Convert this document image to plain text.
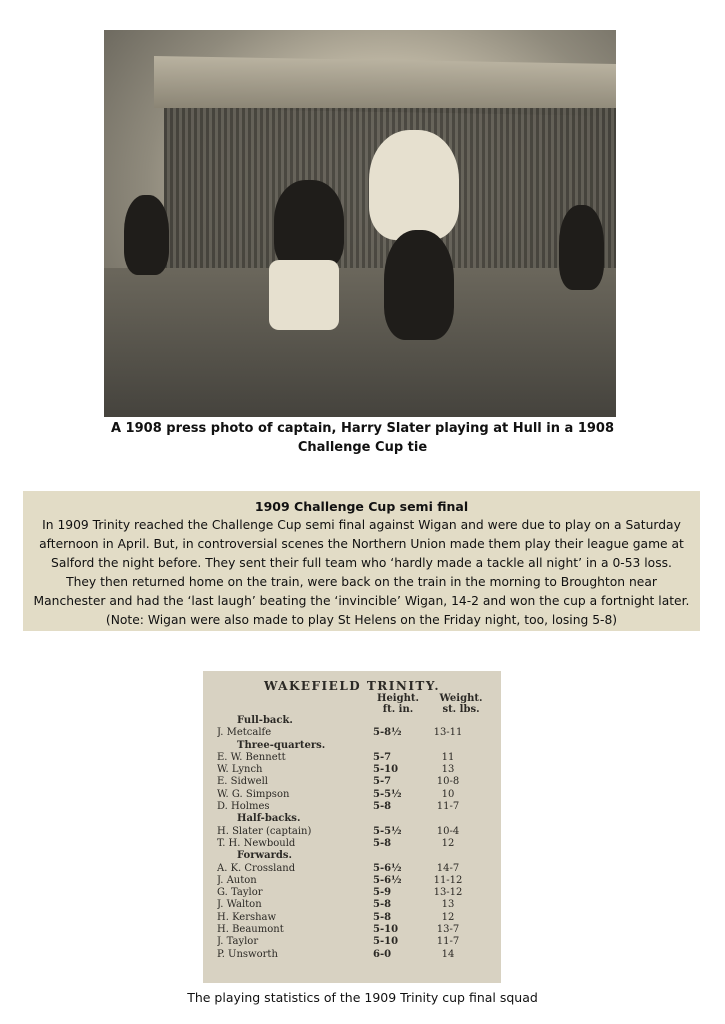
A 1908 press photo of captain, Harry Slater playing at Hull in a 1908
Challenge Cup tie
1909 Challenge Cup semi final
In 1909 Trinity reached the Challenge Cup semi final against Wigan and were due to play on a Saturday
afternoon in April. But, in controversial scenes the Northern Union made them play their league game at
Salford the night before. They sent their full team who ‘hardly made a tackle all night’ in a 0-53 loss.
They then returned home on the train, were back on the train in the morning to Broughton near
Manchester and had the ‘last laugh’ beating the ‘invincible’ Wigan, 14-2 and won the cup a fortnight later.
(Note: Wigan were also made to play St Helens on the Friday night, too, losing 5-8)
WAKEFIELD TRINITY.
Height.
ft. in.
Weight.
st. lbs.
Full-back.
J. Metcalfe	5-8½	13-11
Three-quarters.
E. W. Bennett	5-7	11
W. Lynch	5-10	13
E. Sidwell	5-7	10-8
W. G. Simpson	5-5½	10
D. Holmes	5-8	11-7
Half-backs.
H. Slater (captain)	5-5½	10-4
T. H. Newbould	5-8	12
Forwards.
A. K. Crossland	5-6½	14-7
J. Auton	5-6½	11-12
G. Taylor	5-9	13-12
J. Walton	5-8	13
H. Kershaw	5-8	12
H. Beaumont	5-10	13-7
J. Taylor	5-10	11-7
P. Unsworth	6-0	14
The playing statistics of the 1909 Trinity cup final squad
